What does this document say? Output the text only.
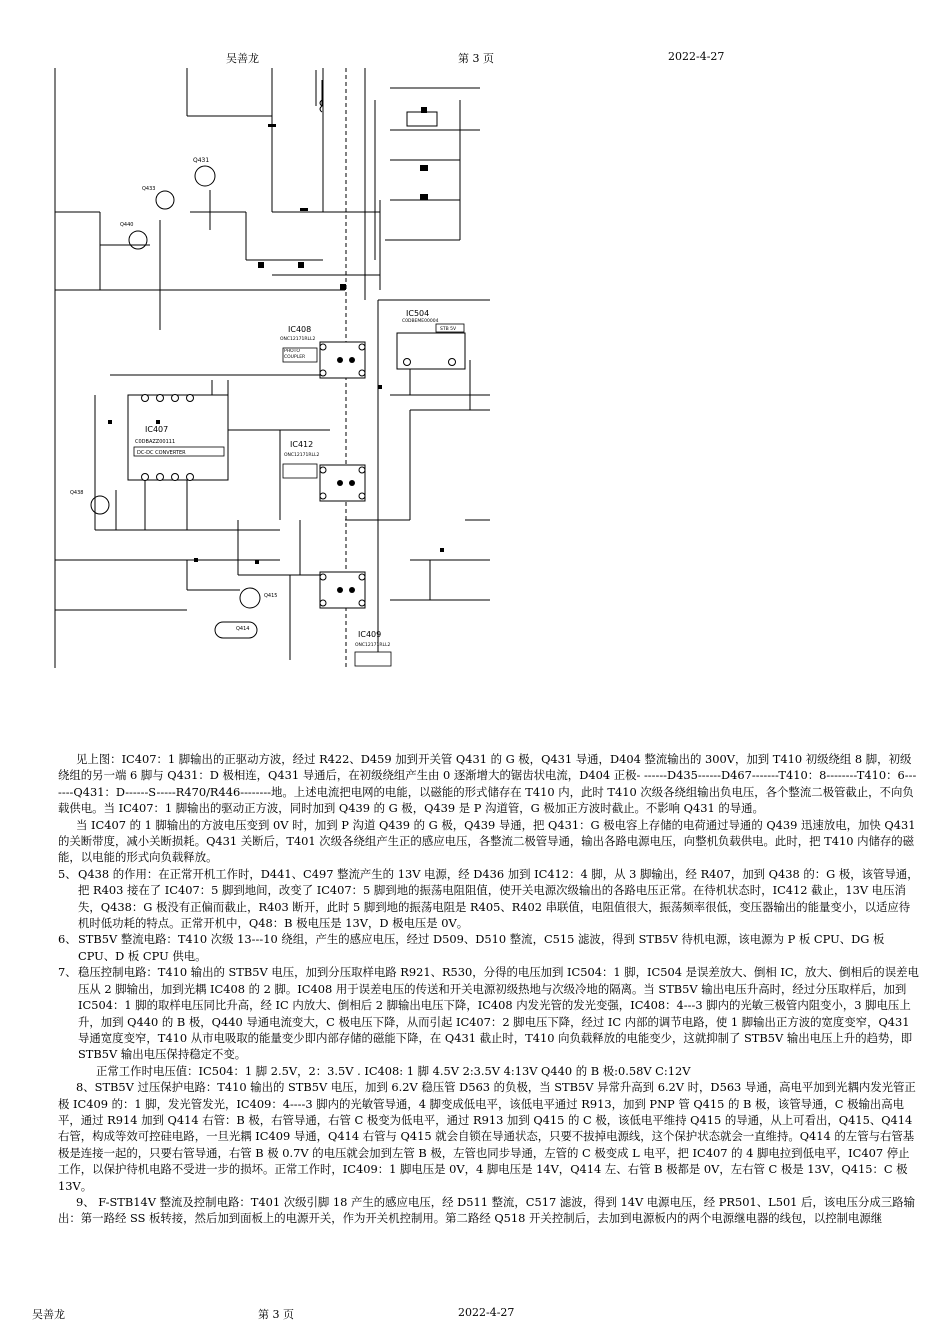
吴善龙	第 3 页	2022-4-27
IC407
C0DBAZZ00111
DC-DC CONVERTER
IC504
C0DBEME00004
STB 5V
IC408
ONC12171RLL2
PHOTO COUPLER
IC412
ONC12171RLL2
IC409
ONC12171RLL2
Q431
Q433
Q440
Q438
Q415
Q414

见上图：IC407：1 脚输出的正驱动方波，经过 R422、D459 加到开关管 Q431 的 G 极，Q431 导通，D404 整流输出的 300V，加到 T410 初级绕组 8 脚，初级绕组的另一端 6 脚与 Q431：D 极相连，Q431 导通后，在初级绕组产生由 0 逐渐增大的锯齿状电流，D404 正极- ------D435------D467-------T410：8--------T410：6-------Q431：D------S-----R470/R446--------地。上述电流把电网的电能，以磁能的形式储存在 T410 内，此时 T410 次级各绕组输出负电压，各个整流二极管截止，不向负载供电。当 IC407：1 脚输出的驱动正方波，同时加到 Q439 的 G 极，Q439 是 P 沟道管，G 极加正方波时截止。不影响 Q431 的导通。

当 IC407 的 1 脚输出的方波电压变到 0V 时，加到 P 沟道 Q439 的 G 极，Q439 导通，把 Q431：G 极电容上存储的电荷通过导通的 Q439 迅速放电，加快 Q431 的关断带度，减小关断损耗。Q431 关断后，T401 次级各绕组产生正的感应电压，各整流二极管导通，输出各路电源电压，向整机负载供电。此时，把 T410 内储存的磁能，以电能的形式向负载释放。

5、 Q438 的作用：在正常开机工作时，D441、C497 整流产生的 13V 电源，经 D436 加到 IC412：4 脚，从 3 脚输出，经 R407，加到 Q438 的：G 极，该管导通，把 R403 接在了 IC407：5 脚到地间，改变了 IC407：5 脚到地的振荡电阻阻值，使开关电源次级输出的各路电压正常。在待机状态时，IC412 截止，13V 电压消失，Q438：G 极没有正偏而截止，R403 断开，此时 5 脚到地的振荡电阻是 R405、R402 串联值，电阻值很大，振荡频率很低，变压器输出的能量变小，以适应待机时低功耗的特点。正常开机中，Q48：B 极电压是 13V，D 极电压是 0V。
6、 STB5V 整流电路：T410 次级 13---10 绕组，产生的感应电压，经过 D509、D510 整流，C515 滤波，得到 STB5V 待机电源，该电源为 P 板 CPU、DG 板 CPU、D 板 CPU 供电。
7、 稳压控制电路：T410 输出的 STB5V 电压，加到分压取样电路 R921、R530，分得的电压加到 IC504：1 脚，IC504 是误差放大、倒相 IC，放大、倒相后的误差电压从 2 脚输出，加到光耦 IC408 的 2 脚。IC408 用于误差电压的传送和开关电源初级热地与次级冷地的隔离。当 STB5V 输出电压升高时，经过分压取样后，加到 IC504：1 脚的取样电压同比升高，经 IC 内放大、倒相后 2 脚输出电压下降，IC408 内发光管的发光变强，IC408：4---3 脚内的光敏三极管内阻变小，3 脚电压上升，加到 Q440 的 B 极，Q440 导通电流变大，C 极电压下降，从而引起 IC407：2 脚电压下降，经过 IC 内部的调节电路，使 1 脚输出正方波的宽度变窄，Q431 导通宽度变窄，T410 从市电吸取的能量变少即内部存储的磁能下降，在 Q431 截止时，T410 向负载释放的电能变少，这就抑制了 STB5V 输出电压上升的趋势，即 STB5V 输出电压保持稳定不变。

正常工作时电压值：IC504：1 脚 2.5V，2：3.5V . IC408: 1 脚 4.5V 2:3.5V 4:13V Q440 的 B 极:0.58V C:12V

8、STB5V 过压保护电路：T410 输出的 STB5V 电压，加到 6.2V 稳压管 D563 的负极，当 STB5V 异常升高到 6.2V 时，D563 导通，高电平加到光耦内发光管正极 IC409 的：1 脚，发光管发光，IC409：4----3 脚内的光敏管导通，4 脚变成低电平，该低电平通过 R913，加到 PNP 管 Q415 的 B 极，该管导通，C 极输出高电平，通过 R914 加到 Q414 右管：B 极，右管导通，右管 C 极变为低电平，通过 R913 加到 Q415 的 C 极，该低电平维持 Q415 的导通，从上可看出，Q415、Q414 右管，构成等效可控硅电路，一旦光耦 IC409 导通，Q414 右管与 Q415 就会自锁在导通状态，只要不拔掉电源线，这个保护状态就会一直维持。Q414 的左管与右管基极是连接一起的，只要右管导通，右管 B 极 0.7V 的电压就会加到左管 B 极，左管也同步导通，左管的 C 极变成 L 电平，把 IC407 的 4 脚电拉到低电平，IC407 停止工作，以保护待机电路不受进一步的损坏。正常工作时，IC409：1 脚电压是 0V，4 脚电压是 14V，Q414 左、右管 B 极都是 0V，左右管 C 极是 13V，Q415：C 极 13V。

9、 F-STB14V 整流及控制电路：T401 次级引脚 18 产生的感应电压，经 D511 整流，C517 滤波，得到 14V 电源电压，经 PR501、L501 后，该电压分成三路输出：第一路经 SS 板转接，然后加到面板上的电源开关，作为开关机控制用。第二路经 Q518 开关控制后，去加到电源板内的两个电源继电器的线包，以控制电源继

吴善龙	第 3 页	2022-4-27
